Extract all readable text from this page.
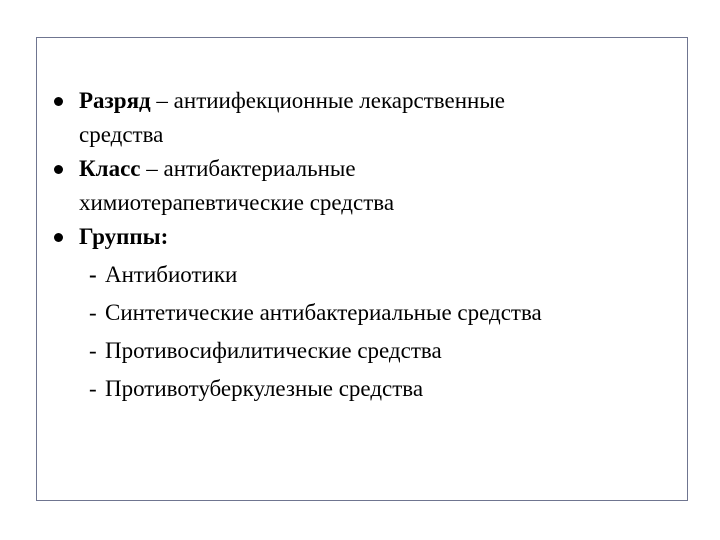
Разряд – антиифекционные лекарственные
средства
Класс – антибактериальные
химиотерапевтические средства
Группы:
- Антибиотики
- Синтетические антибактериальные средства
- Противосифилитические средства
- Противотуберкулезные средства
